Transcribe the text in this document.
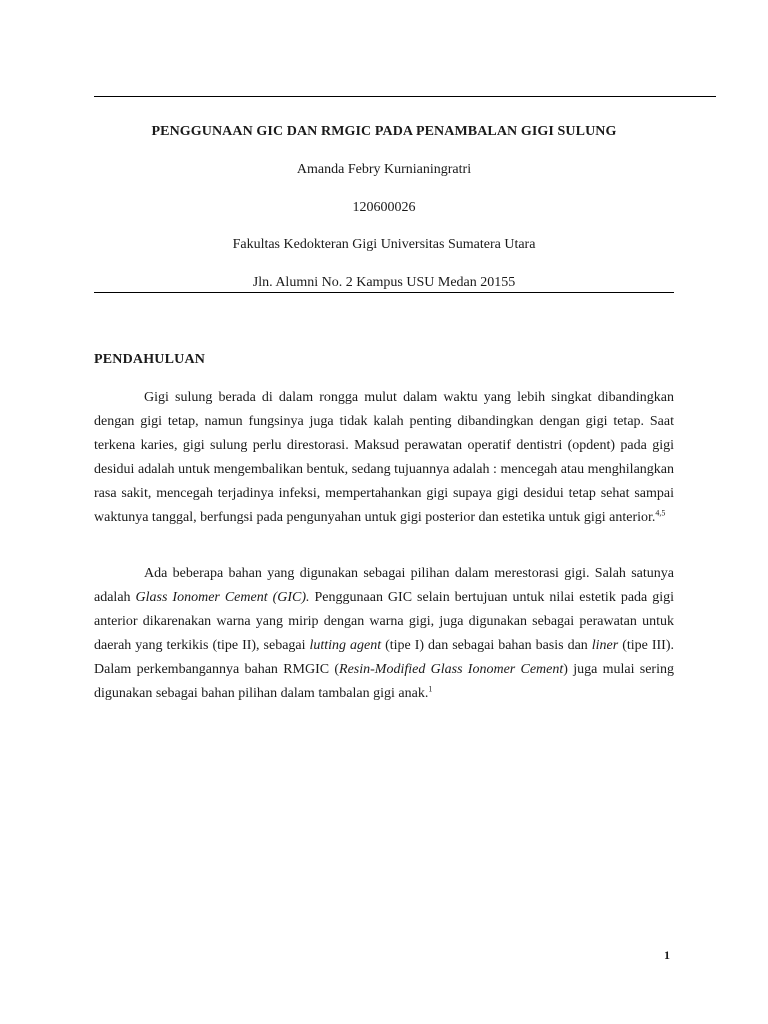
PENGGUNAAN GIC DAN RMGIC PADA PENAMBALAN GIGI SULUNG
Amanda Febry Kurnianingratri
120600026
Fakultas Kedokteran Gigi Universitas Sumatera Utara
Jln. Alumni No. 2 Kampus USU Medan 20155
PENDAHULUAN

Gigi sulung berada di dalam rongga mulut dalam waktu yang lebih singkat dibandingkan dengan gigi tetap, namun fungsinya juga tidak kalah penting dibandingkan dengan gigi tetap. Saat terkena karies, gigi sulung perlu direstorasi. Maksud perawatan operatif dentistri (opdent) pada gigi desidui adalah untuk mengembalikan bentuk, sedang tujuannya adalah : mencegah atau menghilangkan rasa sakit, mencegah terjadinya infeksi, mempertahankan gigi supaya gigi desidui tetap sehat sampai waktunya tanggal, berfungsi pada pengunyahan untuk gigi posterior dan estetika untuk gigi anterior.$^{4,5}$

Ada beberapa bahan yang digunakan sebagai pilihan dalam merestorasi gigi. Salah satunya adalah Glass Ionomer Cement (GIC). Penggunaan GIC selain bertujuan untuk nilai estetik pada gigi anterior dikarenakan warna yang mirip dengan warna gigi, juga digunakan sebagai perawatan untuk daerah yang terkikis (tipe II), sebagai lutting agent (tipe I) dan sebagai bahan basis dan liner (tipe III). Dalam perkembangannya bahan RMGIC (Resin-Modified Glass Ionomer Cement) juga mulai sering digunakan sebagai bahan pilihan dalam tambalan gigi anak.$^1$

1
